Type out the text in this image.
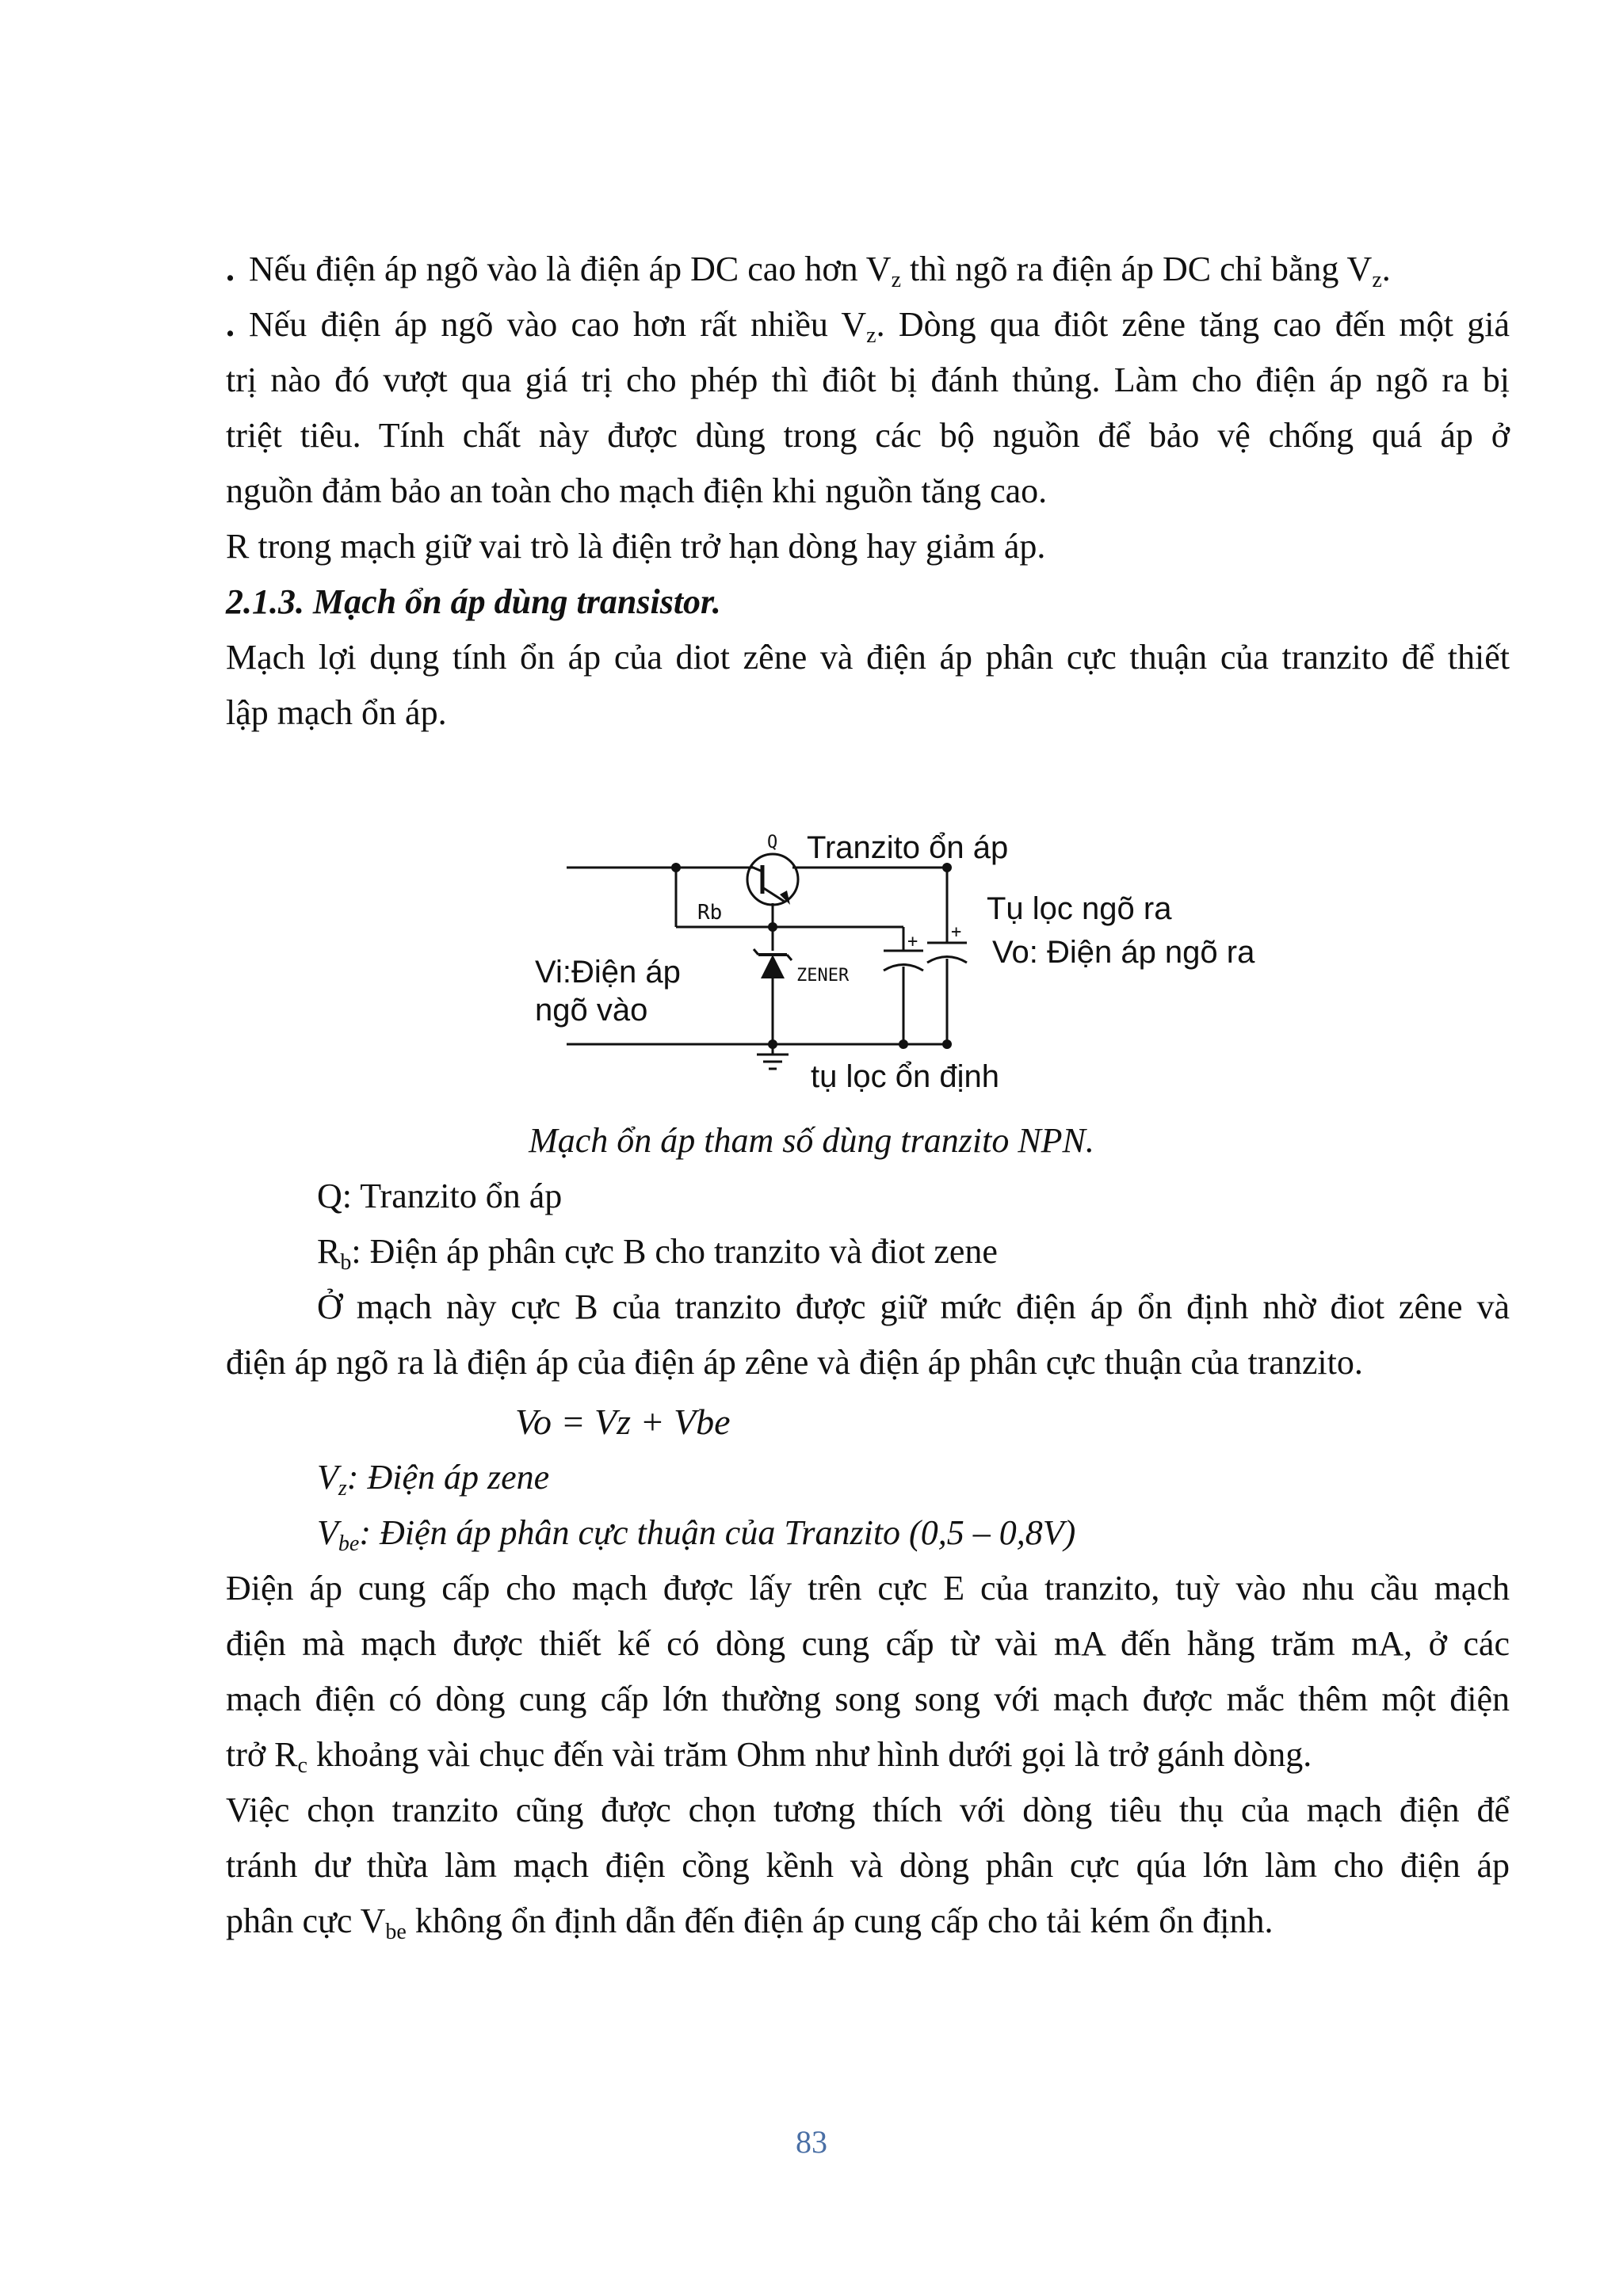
. Nếu điện áp ngõ vào là điện áp DC cao hơn $V_z$ thì ngõ ra điện áp DC chỉ bằng $V_z$.
. Nếu điện áp ngõ vào cao hơn rất nhiều $V_z$. Dòng qua điôt zêne tăng cao đến một giá
trị nào đó vượt qua giá trị cho phép thì điôt bị đánh thủng. Làm cho điện áp ngõ ra bị
triệt tiêu. Tính chất này được dùng trong các bộ nguồn để bảo vệ chống quá áp ở
nguồn đảm bảo an toàn cho mạch điện khi nguồn tăng cao.
R trong mạch giữ vai trò là điện trở hạn dòng hay giảm áp.
2.1.3. Mạch ổn áp dùng transistor.
Mạch lợi dụng tính ổn áp của diot zêne và điện áp phân cực thuận của tranzito để thiết
lập mạch ổn áp.
Q Tranzito ổn áp
Rb
ZENER
+ +
Tụ lọc ngõ ra
Vo: Điện áp ngõ ra
Vi:Điện áp
ngõ vào
tụ lọc ổn định
Mạch ổn áp tham số dùng tranzito NPN.
Q: Tranzito ổn áp
$R_b$: Điện áp phân cực B cho tranzito và điot zene
Ở mạch này cực B của tranzito được giữ mức điện áp ổn định nhờ điot zêne và
điện áp ngõ ra là điện áp của điện áp zêne và điện áp phân cực thuận của tranzito.
Vo = Vz + Vbe
$V_z$: Điện áp zene
$V_{be}$: Điện áp phân cực thuận của Tranzito (0,5 – 0,8V)
Điện áp cung cấp cho mạch được lấy trên cực E của tranzito, tuỳ vào nhu cầu mạch
điện mà mạch được thiết kế có dòng cung cấp từ vài mA đến hằng trăm mA, ở các
mạch điện có dòng cung cấp lớn thường song song với mạch được mắc thêm một điện
trở $R_c$ khoảng vài chục đến vài trăm Ohm như hình dưới gọi là trở gánh dòng.
Việc chọn tranzito cũng được chọn tương thích với dòng tiêu thụ của mạch điện để
tránh dư thừa làm mạch điện cồng kềnh và dòng phân cực qúa lớn làm cho điện áp
phân cực $V_{be}$ không ổn định dẫn đến điện áp cung cấp cho tải kém ổn định.
83
